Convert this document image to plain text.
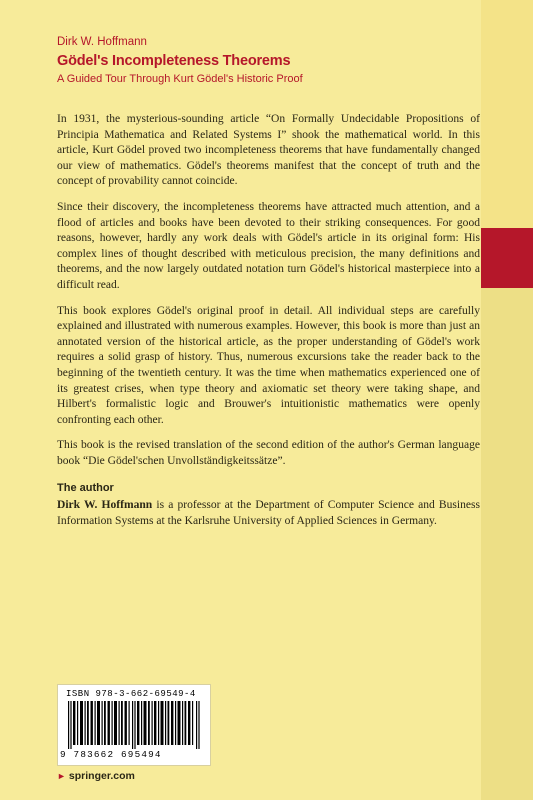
Dirk W. Hoffmann

Gödel's Incompleteness Theorems

A Guided Tour Through Kurt Gödel's Historic Proof

In 1931, the mysterious-sounding article “On Formally Undecidable Propositions of Principia Mathematica and Related Systems I” shook the mathematical world. In this article, Kurt Gödel proved two incompleteness theorems that have fundamentally changed our view of mathematics. Gödel's theorems manifest that the concept of truth and the concept of provability cannot coincide.

Since their discovery, the incompleteness theorems have attracted much attention, and a flood of articles and books have been devoted to their striking consequences. For good reasons, however, hardly any work deals with Gödel's article in its original form: His complex lines of thought described with meticulous precision, the many definitions and theorems, and the now largely outdated notation turn Gödel's historical masterpiece into a difficult read.

This book explores Gödel's original proof in detail. All individual steps are carefully explained and illustrated with numerous examples. However, this book is more than just an annotated version of the historical article, as the proper understanding of Gödel's work requires a solid grasp of history. Thus, numerous excursions take the reader back to the beginning of the twentieth century. It was the time when mathematics experienced one of its greatest crises, when type theory and axiomatic set theory were taking shape, and Hilbert's formalistic logic and Brouwer's intuitionistic mathematics were openly confronting each other.

This book is the revised translation of the second edition of the author's German language book “Die Gödel'schen Unvollständigkeitssätze”.

The author

Dirk W. Hoffmann is a professor at the Department of Computer Science and Business Information Systems at the Karlsruhe University of Applied Sciences in Germany.

ISBN 978-3-662-69549-4
9 783662 695494
► springer.com
